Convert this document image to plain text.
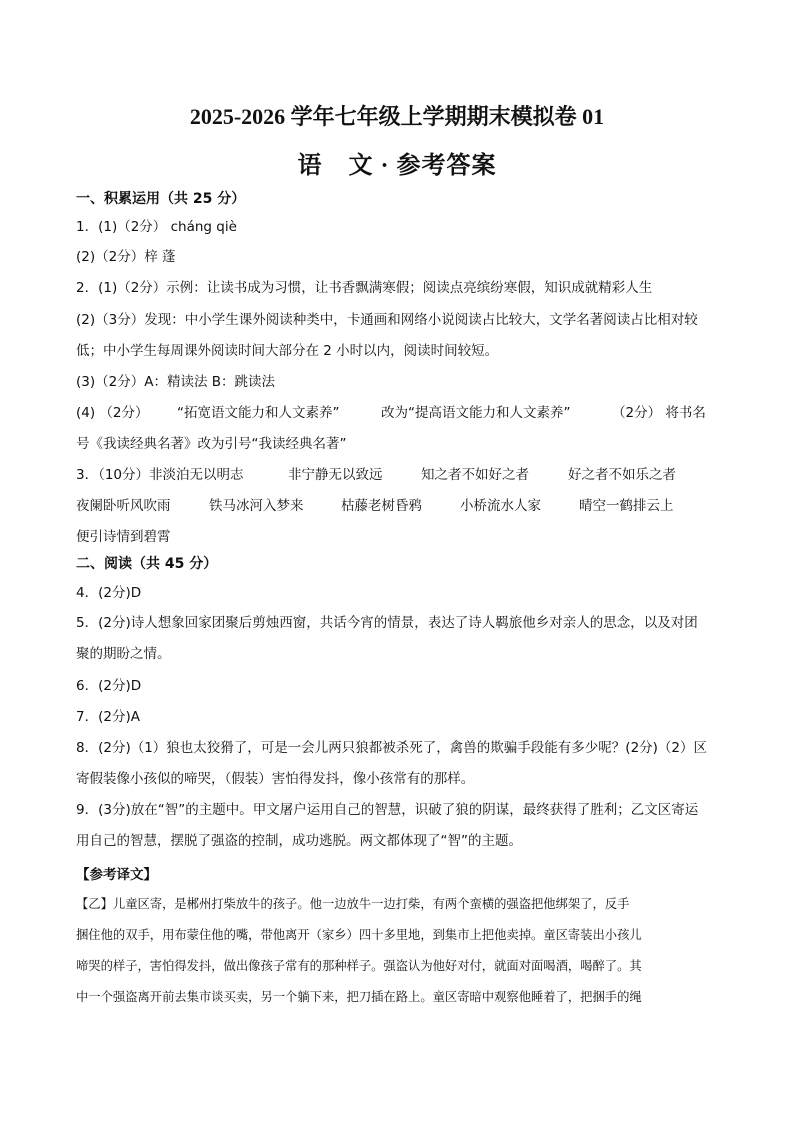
2025-2026 学年七年级上学期期末模拟卷 01
语 文 · 参考答案
一、积累运用（共 25 分）
1．(1)（2分） cháng qiè
(2)（2分）梓 蓬
2．(1)（2分）示例：让读书成为习惯，让书香飘满寒假；阅读点亮缤纷寒假，知识成就精彩人生
(2)（3分）发现：中小学生课外阅读种类中，卡通画和网络小说阅读占比较大，文学名著阅读占比相对较
低；中小学生每周课外阅读时间大部分在 2 小时以内，阅读时间较短。
(3)（2分）A：精读法 B：跳读法
(4) （2分） “拓宽语文能力和人文素养”	改为“提高语文能力和人文素养”	（2分） 将书名
号《我读经典名著》改为引号“我读经典名著”
3．（10分）非淡泊无以明志	非宁静无以致远	知之者不如好之者	好之者不如乐之者
夜阑卧听风吹雨	铁马冰河入梦来	枯藤老树昏鸦	小桥流水人家	晴空一鹤排云上
便引诗情到碧霄
二、阅读（共 45 分）
4．(2分)D
5．(2分)诗人想象回家团聚后剪烛西窗，共话今宵的情景，表达了诗人羁旅他乡对亲人的思念，以及对团
聚的期盼之情。
6．(2分)D
7．(2分)A
8．(2分)（1）狼也太狡猾了，可是一会儿两只狼都被杀死了，禽兽的欺骗手段能有多少呢？(2分)（2）区
寄假装像小孩似的啼哭，（假装）害怕得发抖，像小孩常有的那样。
9．(3分)放在“智”的主题中。甲文屠户运用自己的智慧，识破了狼的阴谋，最终获得了胜利；乙文区寄运
用自己的智慧，摆脱了强盗的控制，成功逃脱。两文都体现了“智”的主题。
【参考译文】
【乙】儿童区寄，是郴州打柴放牛的孩子。他一边放牛一边打柴，有两个蛮横的强盗把他绑架了，反手
捆住他的双手，用布蒙住他的嘴，带他离开（家乡）四十多里地，到集市上把他卖掉。童区寄装出小孩儿
啼哭的样子，害怕得发抖，做出像孩子常有的那种样子。强盗认为他好对付，就面对面喝酒，喝醉了。其
中一个强盗离开前去集市谈买卖，另一个躺下来，把刀插在路上。童区寄暗中观察他睡着了，把捆手的绳
